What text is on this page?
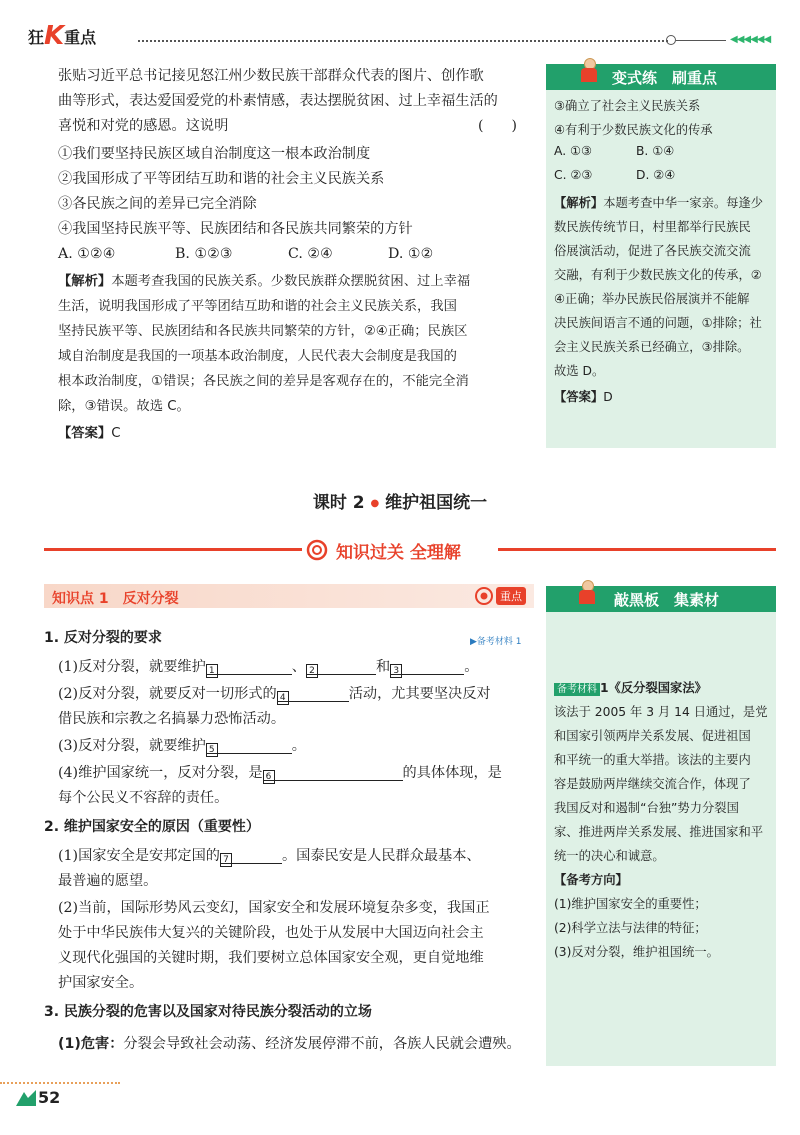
狂 K 重点	◀◀◀◀◀◀
张贴习近平总书记接见怒江州少数民族干部群众代表的图片、创作歌
曲等形式，表达爱国爱党的朴素情感，表达摆脱贫困、过上幸福生活的
喜悦和对党的感恩。这说明	(　　)
①我们要坚持民族区域自治制度这一根本政治制度
②我国形成了平等团结互助和谐的社会主义民族关系
③各民族之间的差异已完全消除
④我国坚持民族平等、民族团结和各民族共同繁荣的方针
A. ①②④	B. ①②③	C. ②④	D. ①②
【解析】本题考查我国的民族关系。少数民族群众摆脱贫困、过上幸福
生活，说明我国形成了平等团结互助和谐的社会主义民族关系，我国
坚持民族平等、民族团结和各民族共同繁荣的方针，②④正确；民族区
域自治制度是我国的一项基本政治制度，人民代表大会制度是我国的
根本政治制度，①错误；各民族之间的差异是客观存在的，不能完全消
除，③错误。故选 C。
【答案】C
变式练　 刷重点
③确立了社会主义民族关系
④有利于少数民族文化的传承
A. ①③	B. ①④
C. ②③	D. ②④
【解析】本题考查中华一家亲。每逢少
数民族传统节日，村里都举行民族民
俗展演活动，促进了各民族交流交流
交融，有利于少数民族文化的传承，②
④正确；举办民族民俗展演并不能解
决民族间语言不通的问题，①排除；社
会主义民族关系已经确立，③排除。
故选 D。
【答案】D
课时 2 ● 维护祖国统一
知识过关 全理解
知识点 1　反对分裂	重点
▶备考材料 1
1. 反对分裂的要求
(1)反对分裂，就要维护 1	、 2	和 3	。
(2)反对分裂，就要反对一切形式的 4	活动，尤其要坚决反对
借民族和宗教之名搞暴力恐怖活动。
(3)反对分裂，就要维护 5	。
(4)维护国家统一，反对分裂，是 6	的具体体现，是
每个公民义不容辞的责任。
2. 维护国家安全的原因（重要性）
(1)国家安全是安邦定国的 7	。国泰民安是人民群众最基本、
最普遍的愿望。
(2)当前，国际形势风云变幻，国家安全和发展环境复杂多变，我国正
处于中华民族伟大复兴的关键阶段，也处于从发展中大国迈向社会主
义现代化强国的关键时期，我们要树立总体国家安全观，更自觉地维
护国家安全。
3. 民族分裂的危害以及国家对待民族分裂活动的立场
(1)危害：分裂会导致社会动荡、经济发展停滞不前，各族人民就会遭殃。
敲黑板　 集素材
备考材料 1《反分裂国家法》
该法于 2005 年 3 月 14 日通过，是党
和国家引领两岸关系发展、促进祖国
和平统一的重大举措。该法的主要内
容是鼓励两岸继续交流合作，体现了
我国反对和遏制“台独”势力分裂国
家、推进两岸关系发展、推进国家和平
统一的决心和诚意。
【备考方向】
(1)维护国家安全的重要性；
(2)科学立法与法律的特征；
(3)反对分裂，维护祖国统一。
52
